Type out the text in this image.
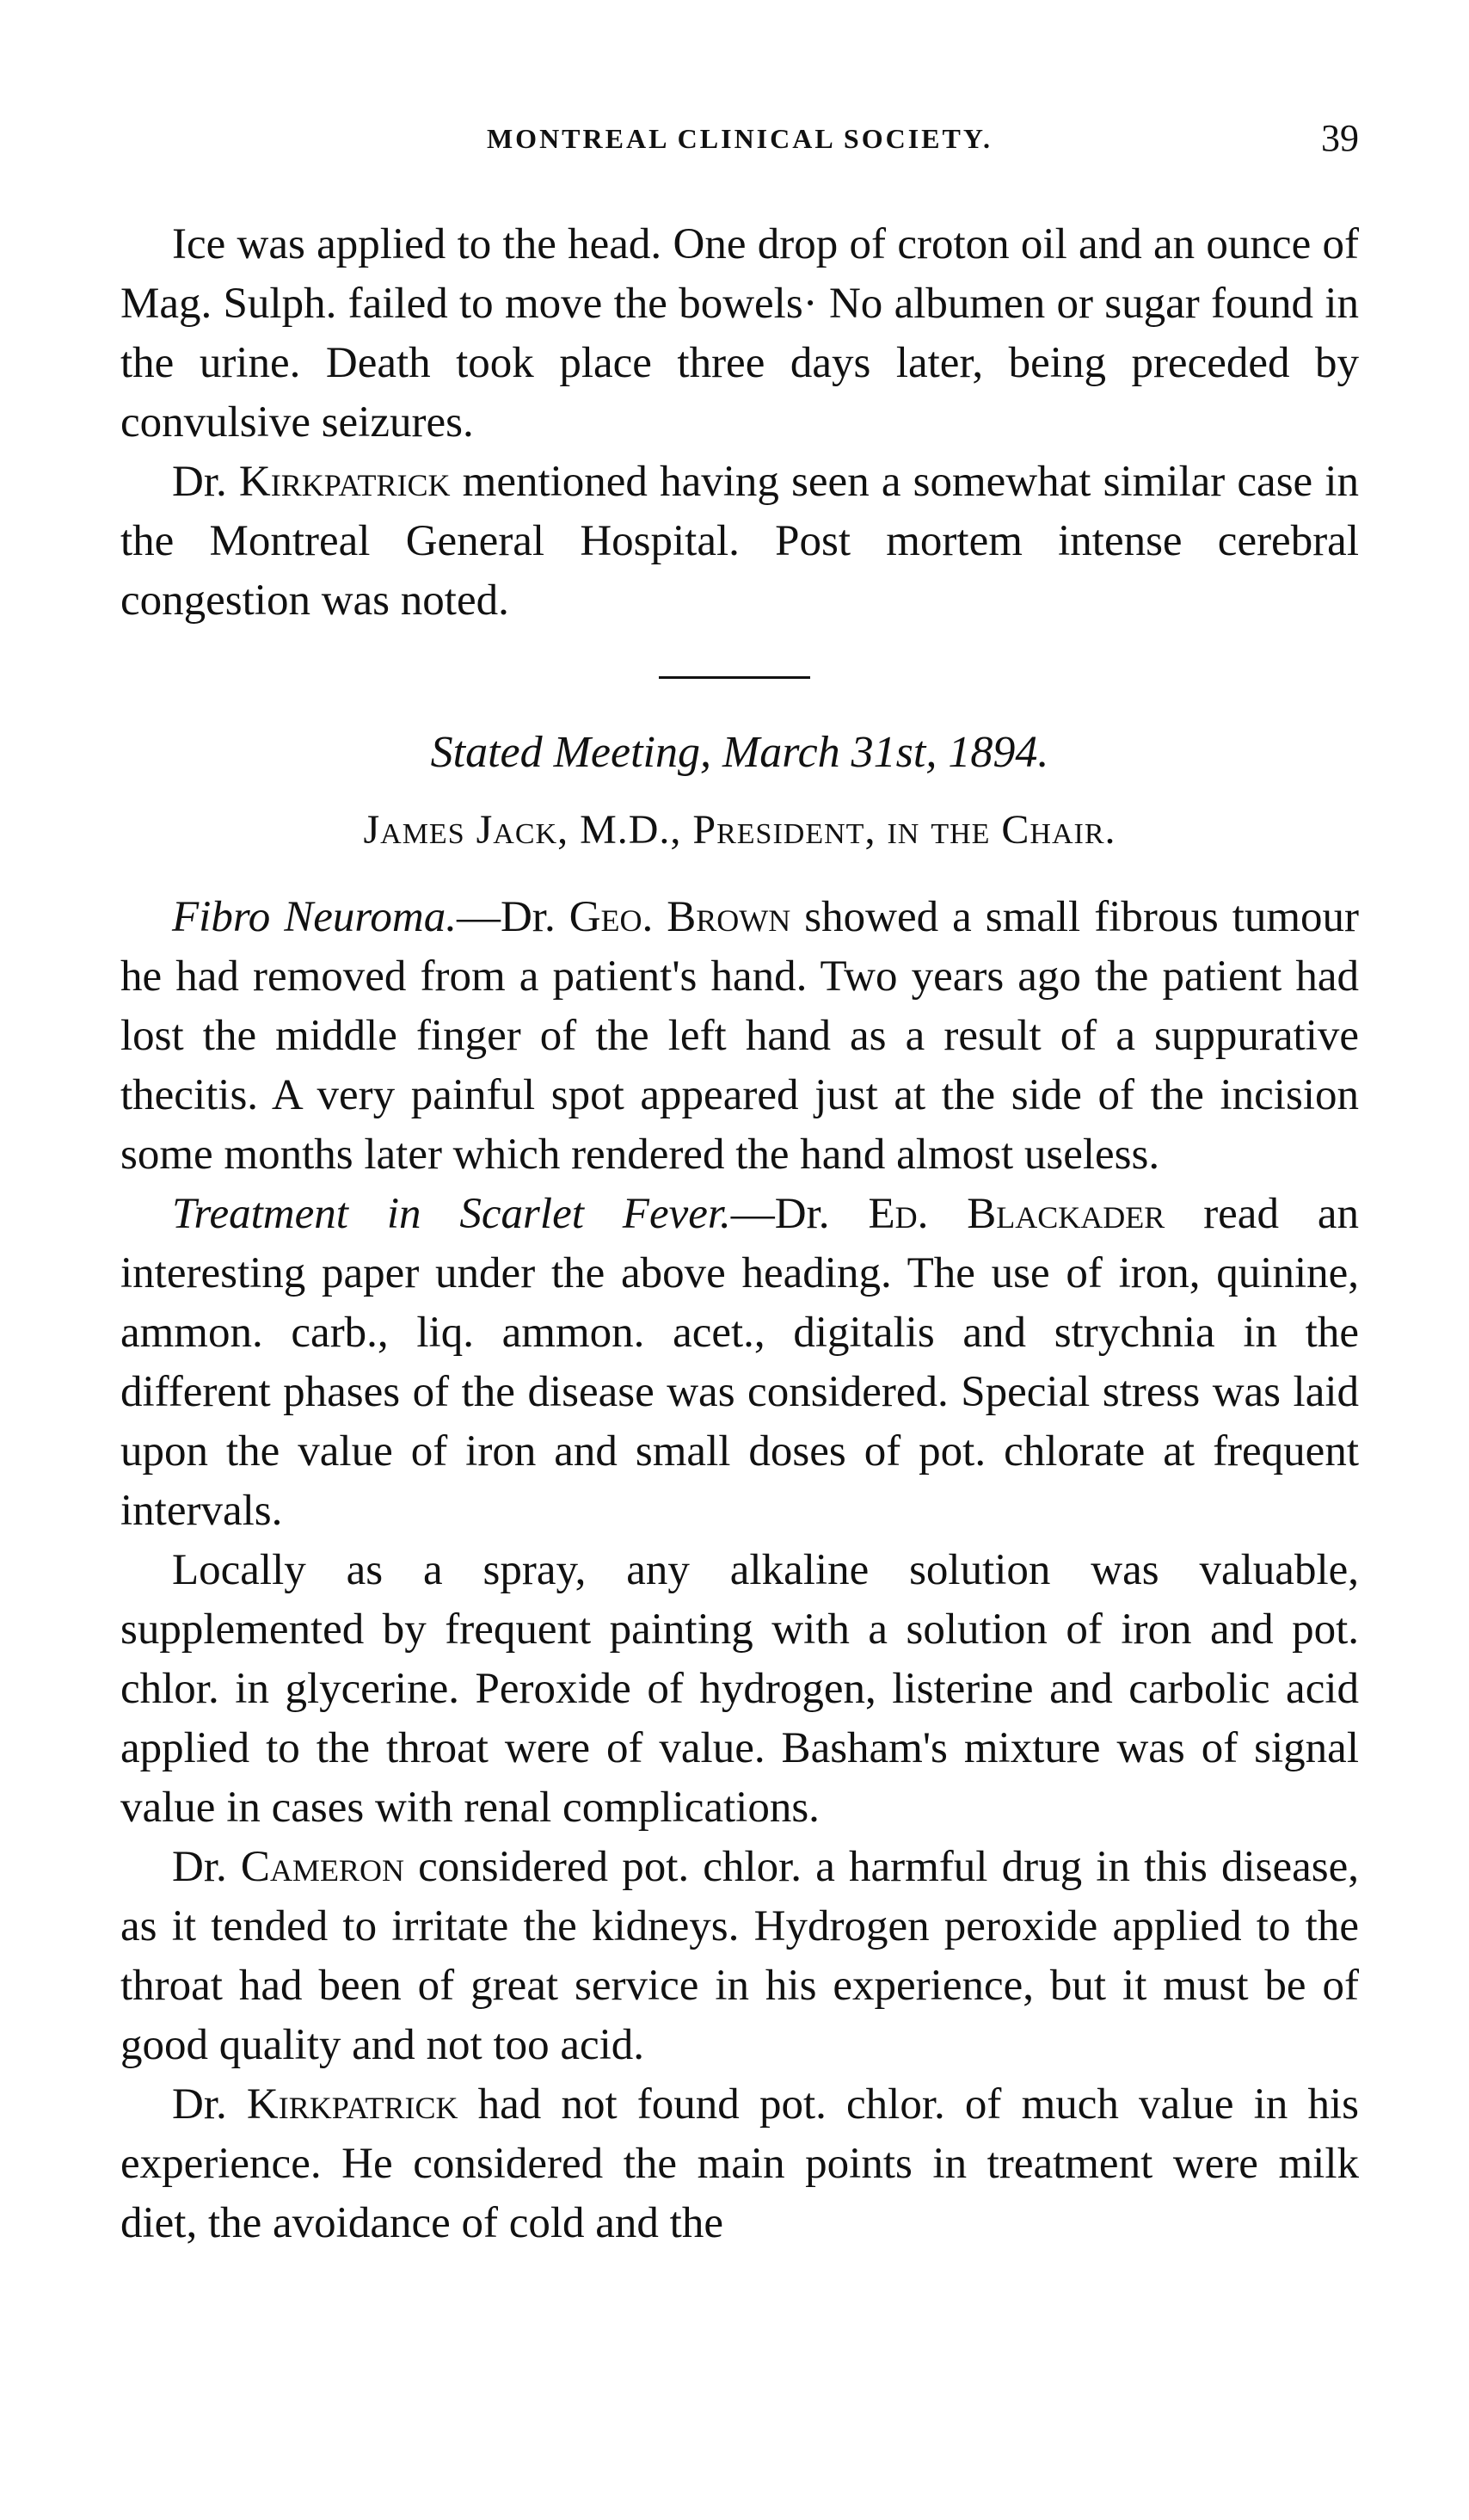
MONTREAL CLINICAL SOCIETY.	39

Ice was applied to the head. One drop of croton oil and an ounce of Mag. Sulph. failed to move the bowels· No albumen or sugar found in the urine. Death took place three days later, being preceded by convulsive seizures.

Dr. Kirkpatrick mentioned having seen a somewhat similar case in the Montreal General Hospital. Post mortem intense cerebral congestion was noted.

Stated Meeting, March 31st, 1894.
James Jack, M.D., President, in the Chair.

Fibro Neuroma.—Dr. Geo. Brown showed a small fibrous tumour he had removed from a patient's hand. Two years ago the patient had lost the middle finger of the left hand as a result of a suppurative thecitis. A very painful spot appeared just at the side of the incision some months later which rendered the hand almost useless.

Treatment in Scarlet Fever.—Dr. Ed. Blackader read an interesting paper under the above heading. The use of iron, quinine, ammon. carb., liq. ammon. acet., digitalis and strychnia in the different phases of the disease was considered. Special stress was laid upon the value of iron and small doses of pot. chlorate at frequent intervals.

Locally as a spray, any alkaline solution was valuable, supplemented by frequent painting with a solution of iron and pot. chlor. in glycerine. Peroxide of hydrogen, listerine and carbolic acid applied to the throat were of value. Basham's mixture was of signal value in cases with renal complications.

Dr. Cameron considered pot. chlor. a harmful drug in this disease, as it tended to irritate the kidneys. Hydrogen peroxide applied to the throat had been of great service in his experience, but it must be of good quality and not too acid.

Dr. Kirkpatrick had not found pot. chlor. of much value in his experience. He considered the main points in treatment were milk diet, the avoidance of cold and the
